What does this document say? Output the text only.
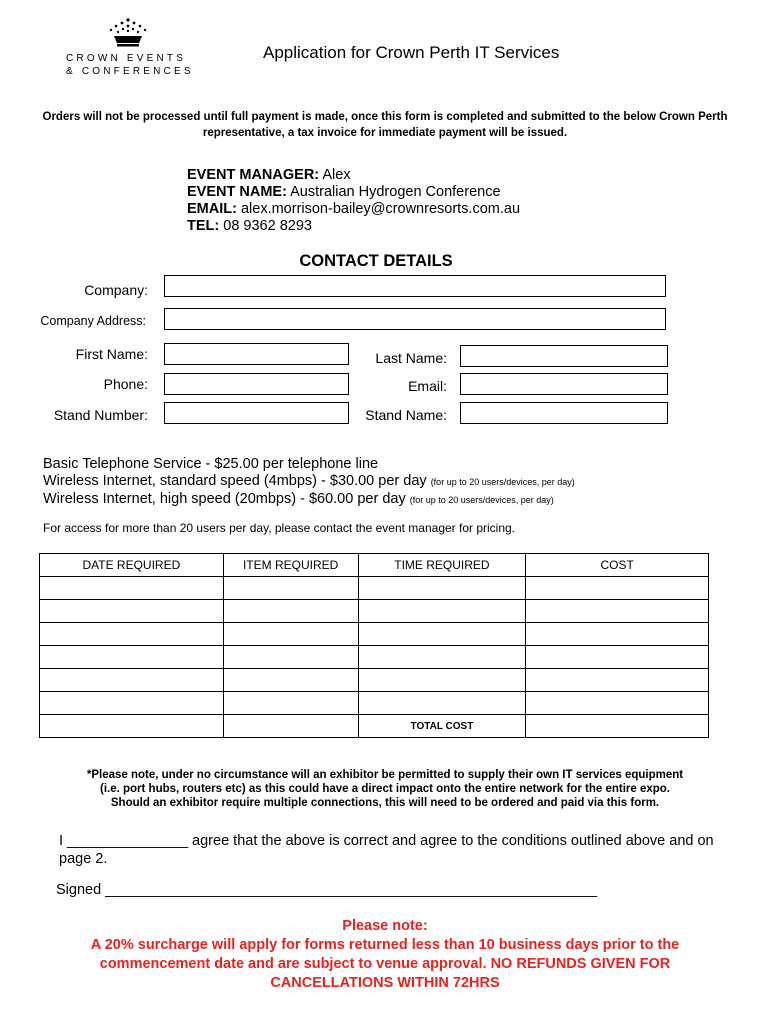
CROWN EVENTS
& CONFERENCES
Application for Crown Perth IT Services
Orders will not be processed until full payment is made, once this form is completed and submitted to the below Crown Perth representative, a tax invoice for immediate payment will be issued.
EVENT MANAGER: Alex
EVENT NAME: Australian Hydrogen Conference
EMAIL: alex.morrison-bailey@crownresorts.com.au
TEL: 08 9362 8293
CONTACT DETAILS
Company:
Company Address:
First Name:	Last Name:
Phone:	Email:
Stand Number:	Stand Name:
Basic Telephone Service - $25.00 per telephone line
Wireless Internet, standard speed (4mbps) - $30.00 per day (for up to 20 users/devices, per day)
Wireless Internet, high speed (20mbps) - $60.00 per day (for up to 20 users/devices, per day)
For access for more than 20 users per day, please contact the event manager for pricing.
DATE REQUIRED	ITEM REQUIRED	TIME REQUIRED	COST

		TOTAL COST	
*Please note, under no circumstance will an exhibitor be permitted to supply their own IT services equipment
(i.e. port hubs, routers etc) as this could have a direct impact onto the entire network for the entire expo.
Should an exhibitor require multiple connections, this will need to be ordered and paid via this form.
I _______________ agree that the above is correct and agree to the conditions outlined above and on page 2.
Signed _____________________________________________________________
Please note:
A 20% surcharge will apply for forms returned less than 10 business days prior to the commencement date and are subject to venue approval. NO REFUNDS GIVEN FOR CANCELLATIONS WITHIN 72HRS
